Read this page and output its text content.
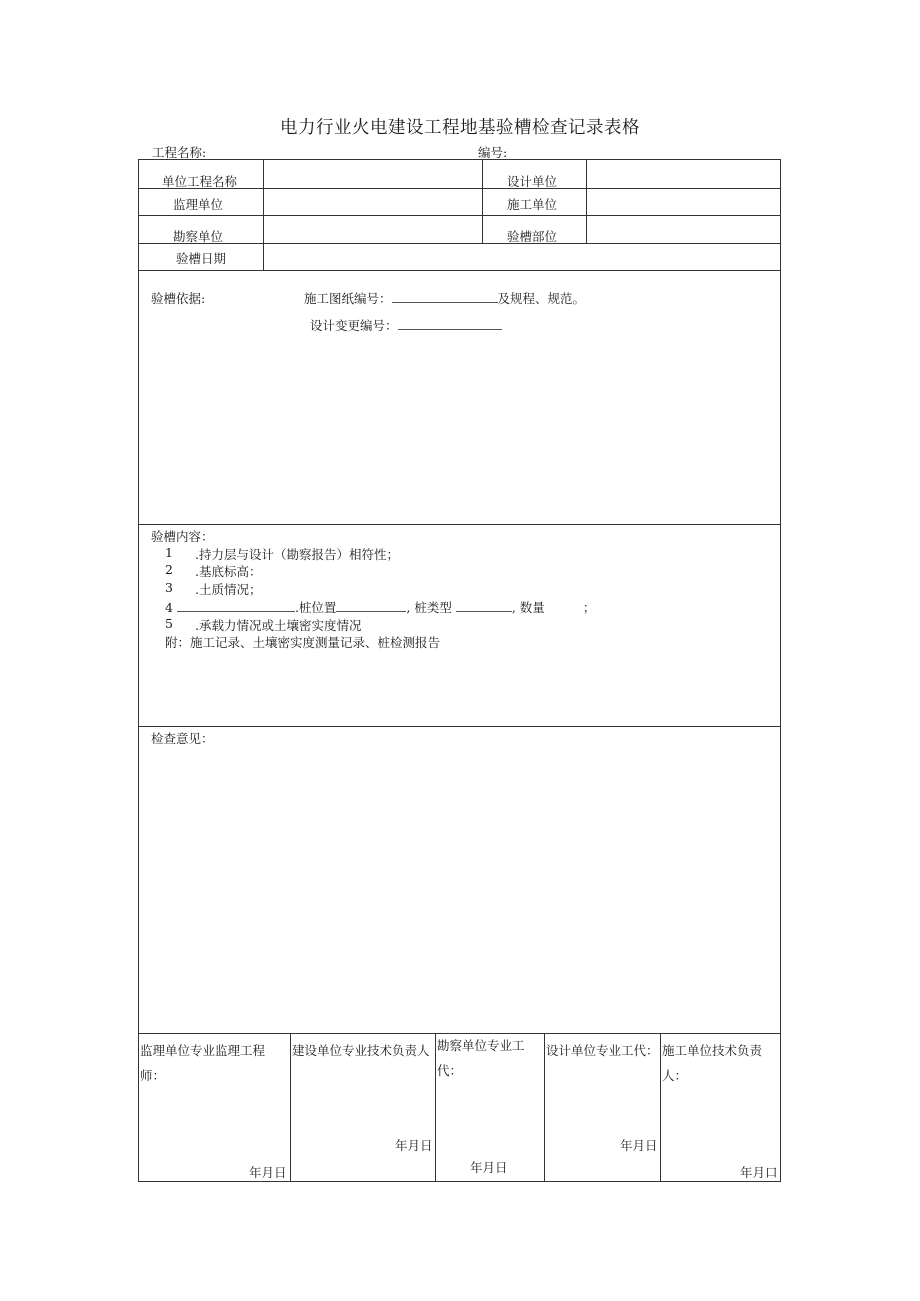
电力行业火电建设工程地基验槽检查记录表格
工程名称:	编号:
单位工程名称	设计单位
监理单位	施工单位
勘察单位	验槽部位
验槽日期
验槽依据:	施工图纸编号：	及规程、规范。
设计变更编号：
验槽内容：
1 .持力层与设计（勘察报告）相符性；
2 .基底标高：
3 .土质情况；
4	.桩位置	, 桩类型	, 数量	；
5 .承载力情况或土壤密实度情况
附：施工记录、土壤密实度测量记录、桩检测报告
检查意见：
监理单位专业监理工程
师：
年月日
建设单位专业技术负责人
年月日
勘察单位专业工
代：
年月日
设计单位专业工代：
年月日
施工单位技术负责
人：
年月口
